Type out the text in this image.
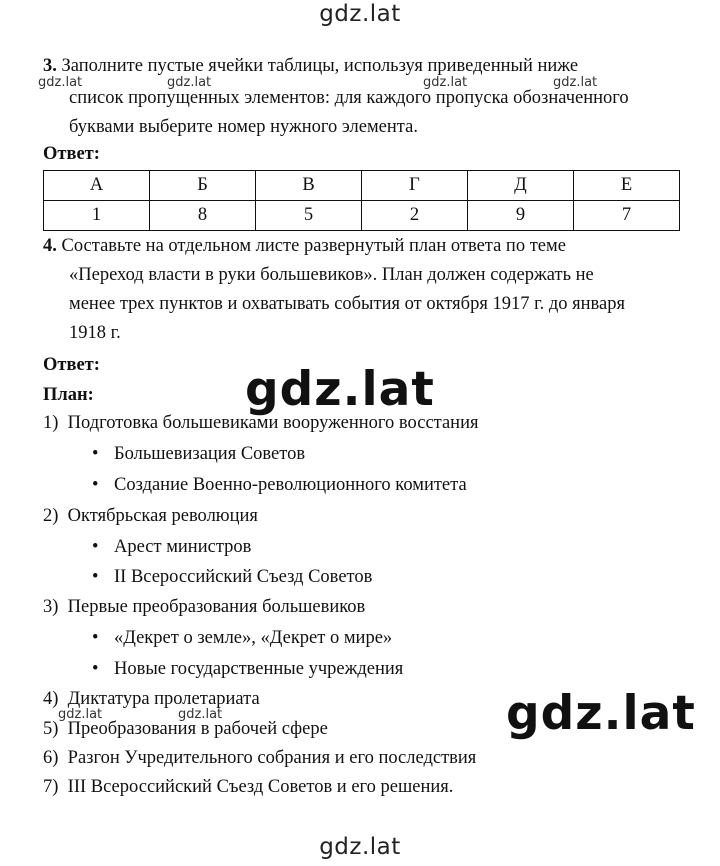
gdz.lat
gdz.lat	gdz.lat	gdz.lat	gdz.lat
gdz.lat
gdz.lat
gdz.lat	gdz.lat
gdz.lat
3. Заполните пустые ячейки таблицы, используя приведенный ниже
список пропущенных элементов: для каждого пропуска обозначенного
буквами выберите номер нужного элемента.
Ответ:
А	Б	В	Г	Д	Е
1	8	5	2	9	7
4. Составьте на отдельном листе развернутый план ответа по теме
«Переход власти в руки большевиков». План должен содержать не
менее трех пунктов и охватывать события от октября 1917 г. до января
1918 г.
Ответ:
План:
1) Подготовка большевиками вооруженного восстания
• Большевизация Советов
• Создание Военно-революционного комитета
2) Октябрьская революция
• Арест министров
• II Всероссийский Съезд Советов
3) Первые преобразования большевиков
• «Декрет о земле», «Декрет о мире»
• Новые государственные учреждения
4) Диктатура пролетариата
5) Преобразования в рабочей сфере
6) Разгон Учредительного собрания и его последствия
7) III Всероссийский Съезд Советов и его решения.
